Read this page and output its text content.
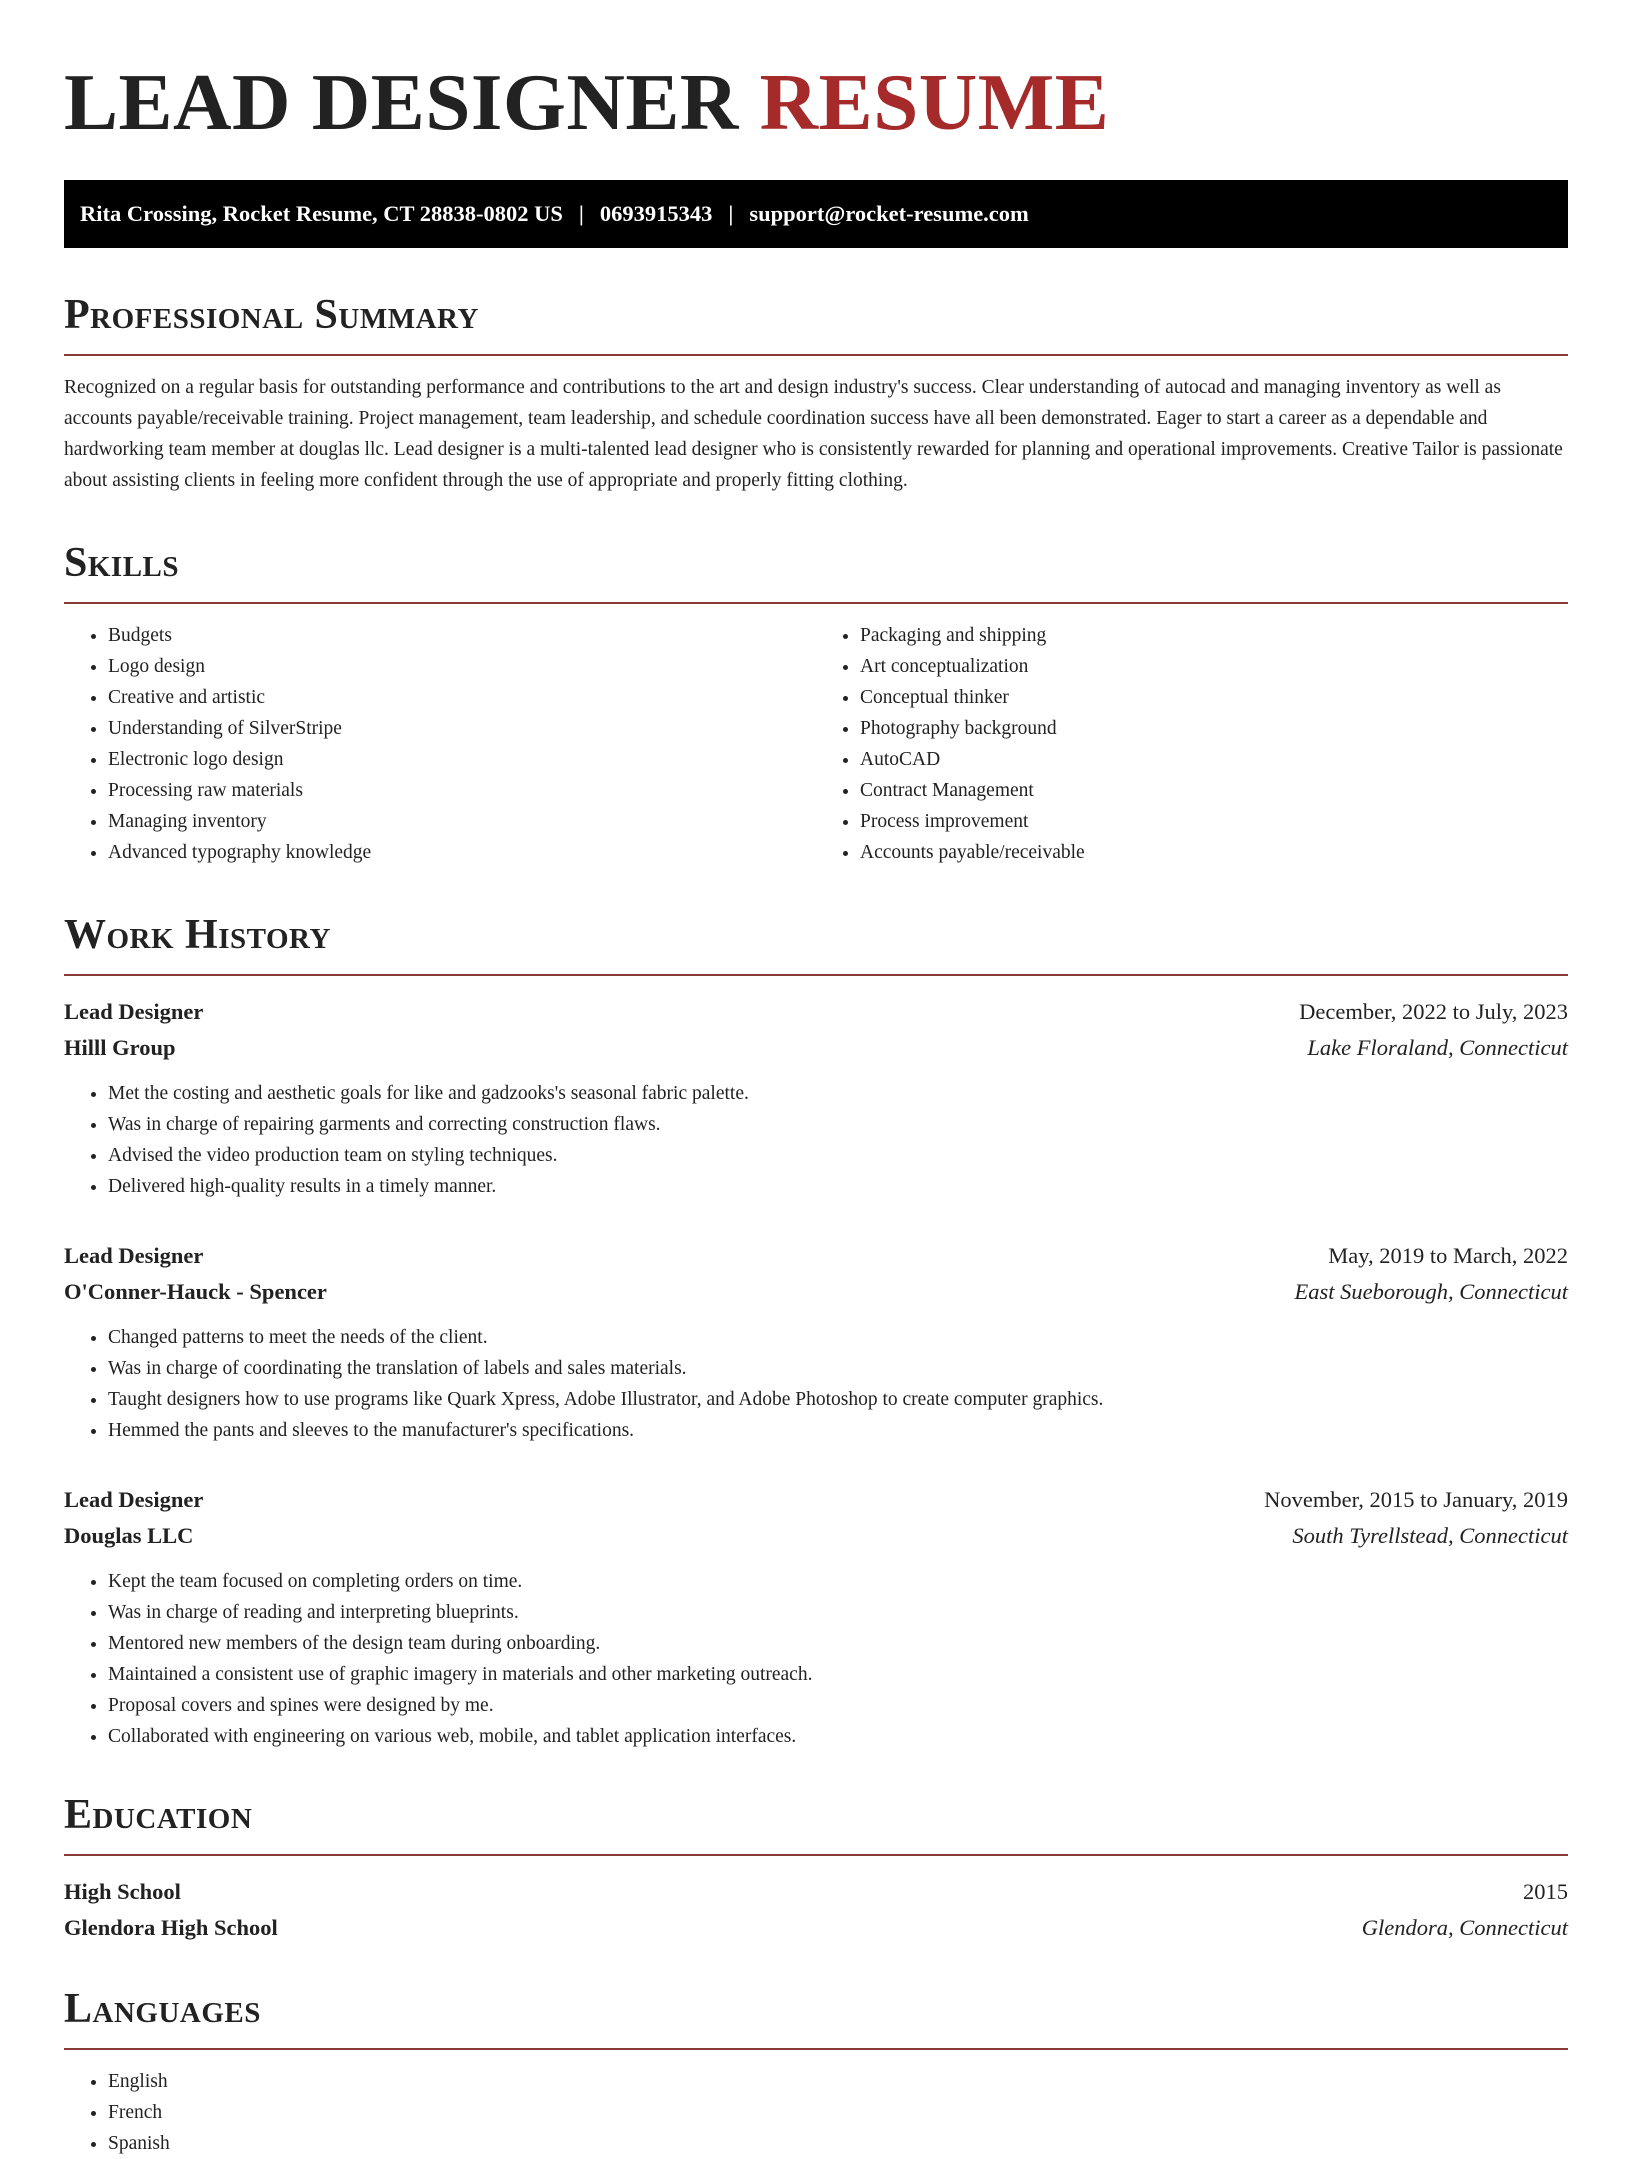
LEAD DESIGNER RESUME
Rita Crossing, Rocket Resume, CT 28838-0802 US | 0693915343 | support@rocket-resume.com
Professional Summary

Recognized on a regular basis for outstanding performance and contributions to the art and design industry's success. Clear understanding of autocad and managing inventory as well as accounts payable/receivable training. Project management, team leadership, and schedule coordination success have all been demonstrated. Eager to start a career as a dependable and hardworking team member at douglas llc. Lead designer is a multi-talented lead designer who is consistently rewarded for planning and operational improvements. Creative Tailor is passionate about assisting clients in feeling more confident through the use of appropriate and properly fitting clothing.

Skills
• Budgets
• Logo design
• Creative and artistic
• Understanding of SilverStripe
• Electronic logo design
• Processing raw materials
• Managing inventory
• Advanced typography knowledge
• Packaging and shipping
• Art conceptualization
• Conceptual thinker
• Photography background
• AutoCAD
• Contract Management
• Process improvement
• Accounts payable/receivable
Work History
Lead Designer	December, 2022 to July, 2023
Hilll Group	Lake Floraland, Connecticut
• Met the costing and aesthetic goals for like and gadzooks's seasonal fabric palette.
• Was in charge of repairing garments and correcting construction flaws.
• Advised the video production team on styling techniques.
• Delivered high-quality results in a timely manner.
Lead Designer	May, 2019 to March, 2022
O'Conner-Hauck - Spencer	East Sueborough, Connecticut
• Changed patterns to meet the needs of the client.
• Was in charge of coordinating the translation of labels and sales materials.
• Taught designers how to use programs like Quark Xpress, Adobe Illustrator, and Adobe Photoshop to create computer graphics.
• Hemmed the pants and sleeves to the manufacturer's specifications.
Lead Designer	November, 2015 to January, 2019
Douglas LLC	South Tyrellstead, Connecticut
• Kept the team focused on completing orders on time.
• Was in charge of reading and interpreting blueprints.
• Mentored new members of the design team during onboarding.
• Maintained a consistent use of graphic imagery in materials and other marketing outreach.
• Proposal covers and spines were designed by me.
• Collaborated with engineering on various web, mobile, and tablet application interfaces.
Education
High School	2015
Glendora High School	Glendora, Connecticut
Languages
• English
• French
• Spanish
